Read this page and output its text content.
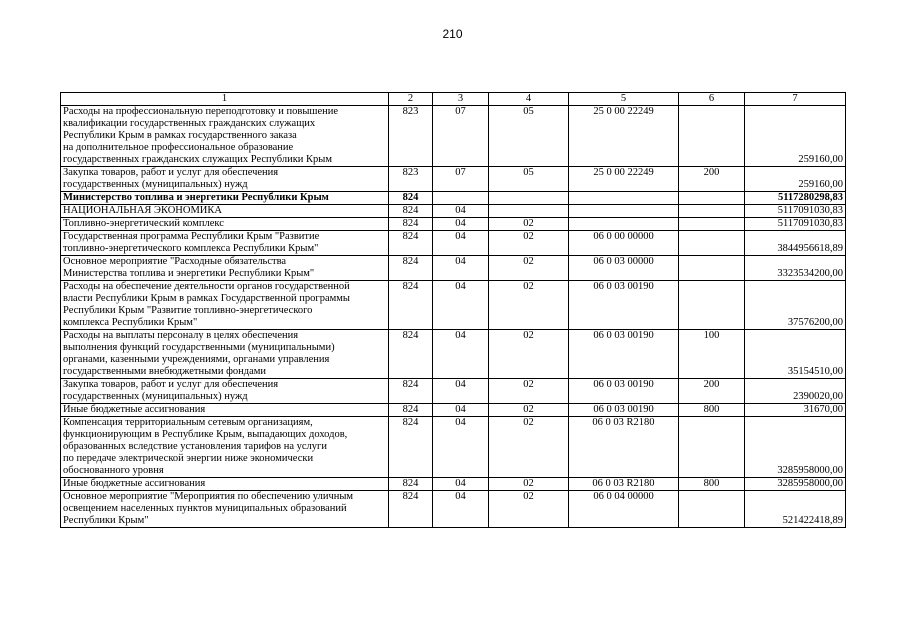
210
1	2	3	4	5	6	7
Расходы на профессиональную переподготовку и повышение
квалификации государственных гражданских служащих
Республики Крым в рамках государственного заказа
на дополнительное профессиональное образование
государственных гражданских служащих Республики Крым	823	07	05	25 0 00 22249		259160,00
Закупка товаров, работ и услуг для обеспечения
государственных (муниципальных) нужд	823	07	05	25 0 00 22249	200	259160,00
Министерство топлива и энергетики Республики Крым	824					5117280298,83
НАЦИОНАЛЬНАЯ ЭКОНОМИКА	824	04				5117091030,83
Топливно-энергетический комплекс	824	04	02			5117091030,83
Государственная программа Республики Крым "Развитие
топливно-энергетического комплекса Республики Крым"	824	04	02	06 0 00 00000		3844956618,89
Основное мероприятие "Расходные обязательства
Министерства топлива и энергетики Республики Крым"	824	04	02	06 0 03 00000		3323534200,00
Расходы на обеспечение деятельности органов государственной
власти Республики Крым в рамках Государственной программы
Республики Крым "Развитие топливно-энергетического
комплекса Республики Крым"	824	04	02	06 0 03 00190		37576200,00
Расходы на выплаты персоналу в целях обеспечения
выполнения функций государственными (муниципальными)
органами, казенными учреждениями, органами управления
государственными внебюджетными фондами	824	04	02	06 0 03 00190	100	35154510,00
Закупка товаров, работ и услуг для обеспечения
государственных (муниципальных) нужд	824	04	02	06 0 03 00190	200	2390020,00
Иные бюджетные ассигнования	824	04	02	06 0 03 00190	800	31670,00
Компенсация территориальным сетевым организациям,
функционирующим в Республике Крым, выпадающих доходов,
образованных вследствие установления тарифов на услуги
по передаче электрической энергии ниже экономически
обоснованного уровня	824	04	02	06 0 03 R2180		3285958000,00
Иные бюджетные ассигнования	824	04	02	06 0 03 R2180	800	3285958000,00
Основное мероприятие "Мероприятия по обеспечению уличным
освещением населенных пунктов муниципальных образований
Республики Крым"	824	04	02	06 0 04 00000		521422418,89
